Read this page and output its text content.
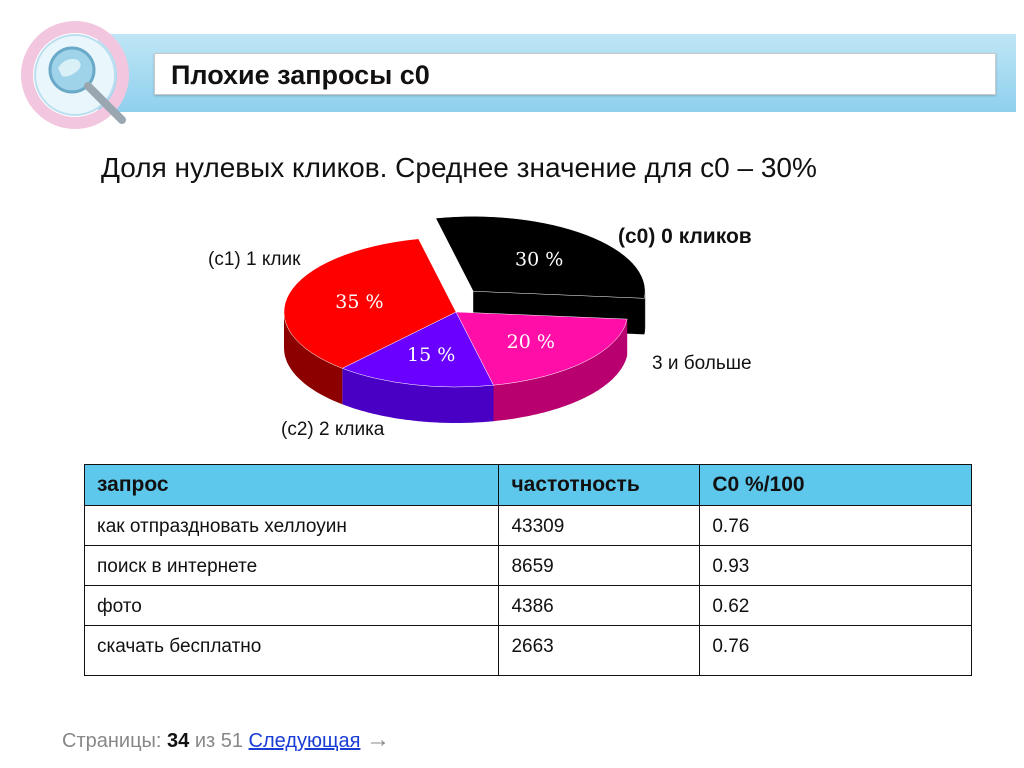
Плохие запросы с0
Доля нулевых кликов. Среднее значение для с0 – 30%
30 %
20 %
15 %
35 %
(с0) 0 кликов
3 и больше
(с2) 2 клика
(с1) 1 клик
запрос	частотность	С0 %/100
как отпраздновать хеллоуин	43309	0.76
поиск в интернете	8659	0.93
фото	4386	0.62
скачать бесплатно	2663	0.76
Страницы: 34 из 51 Следующая →
